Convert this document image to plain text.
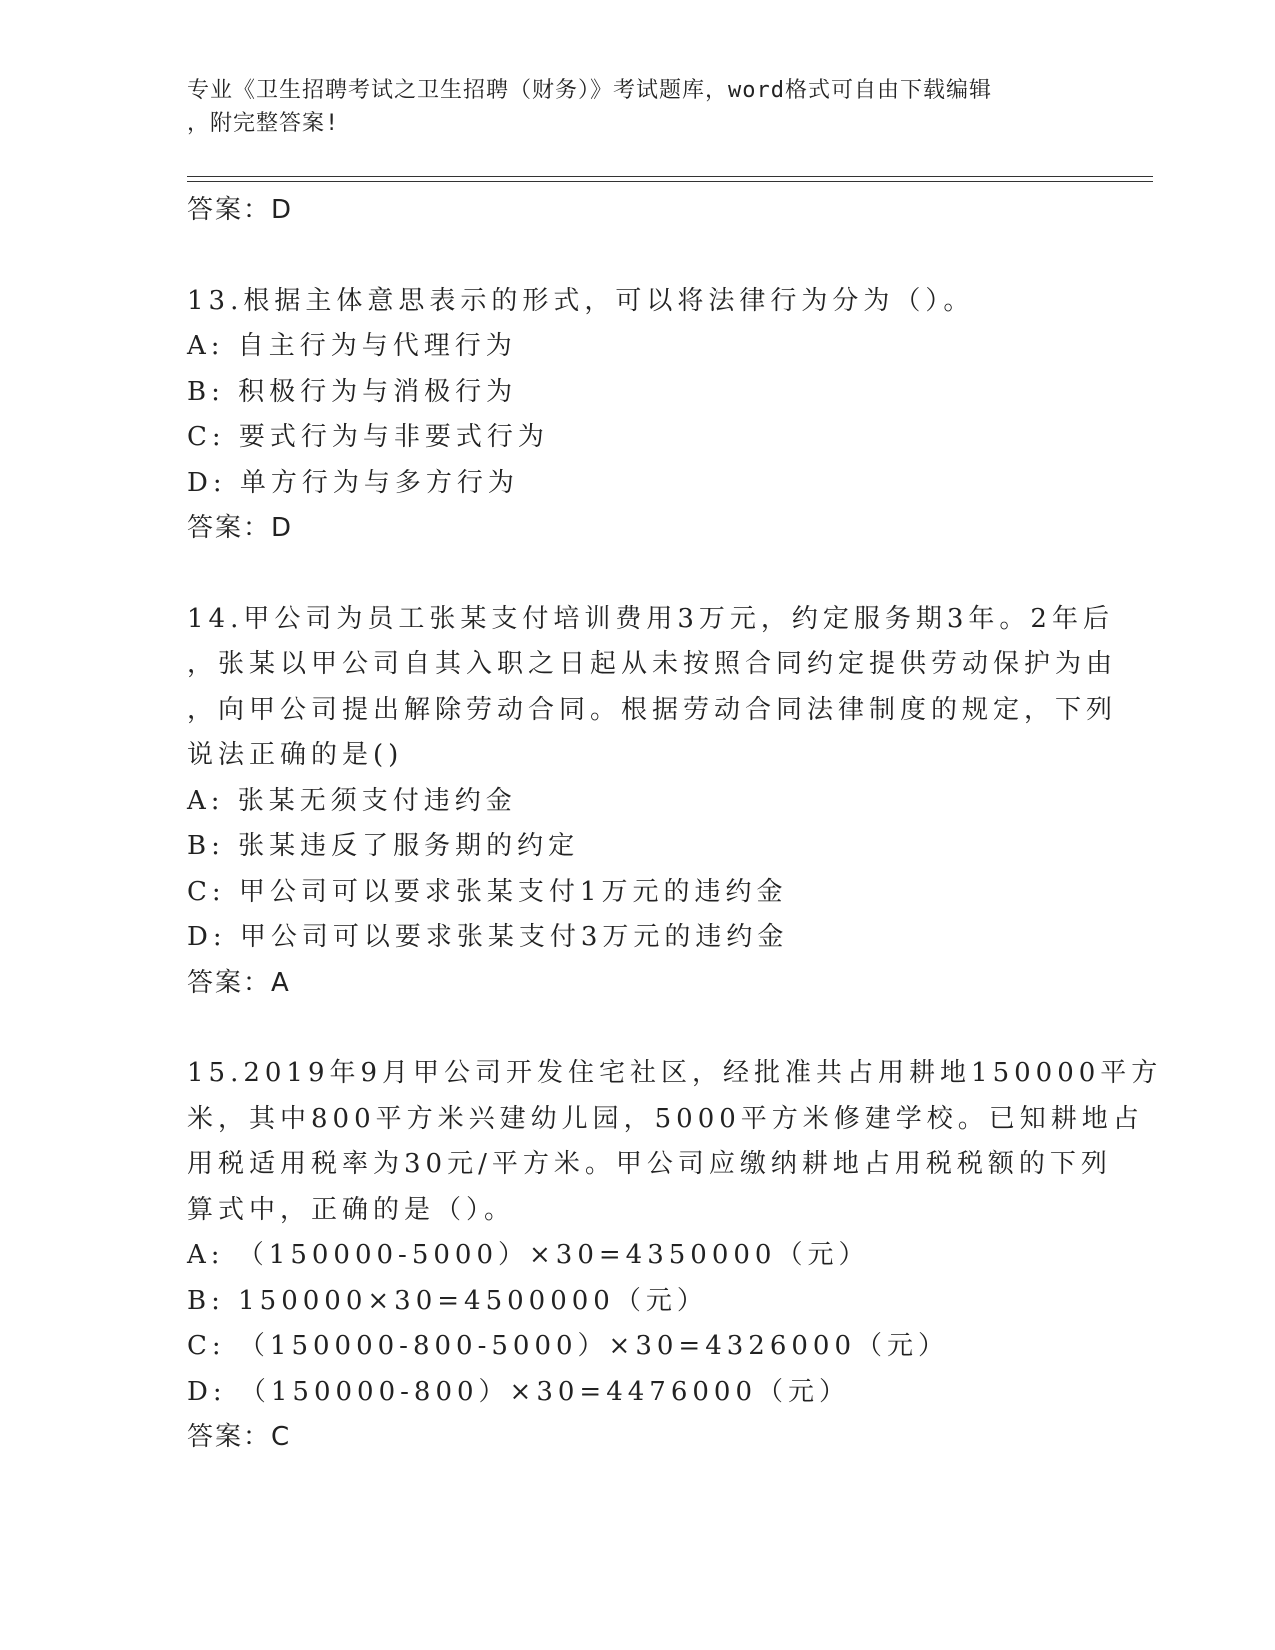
专业《卫生招聘考试之卫生招聘（财务）》考试题库，word格式可自由下载编辑
，附完整答案!
答案：D
13.根据主体意思表示的形式，可以将法律行为分为（）。
A: 自主行为与代理行为
B: 积极行为与消极行为
C: 要式行为与非要式行为
D: 单方行为与多方行为
答案：D
14.甲公司为员工张某支付培训费用3万元，约定服务期3年。2年后
，张某以甲公司自其入职之日起从未按照合同约定提供劳动保护为由
，向甲公司提出解除劳动合同。根据劳动合同法律制度的规定，下列
说法正确的是()
A: 张某无须支付违约金
B: 张某违反了服务期的约定
C: 甲公司可以要求张某支付1万元的违约金
D: 甲公司可以要求张某支付3万元的违约金
答案：A
15.2019年9月甲公司开发住宅社区，经批准共占用耕地150000平方
米，其中800平方米兴建幼儿园，5000平方米修建学校。已知耕地占
用税适用税率为30元/平方米。甲公司应缴纳耕地占用税税额的下列
算式中，正确的是（）。
A: （150000-5000）×30=4350000（元）
B: 150000×30=4500000（元）
C: （150000-800-5000）×30=4326000（元）
D: （150000-800）×30=4476000（元）
答案：C
